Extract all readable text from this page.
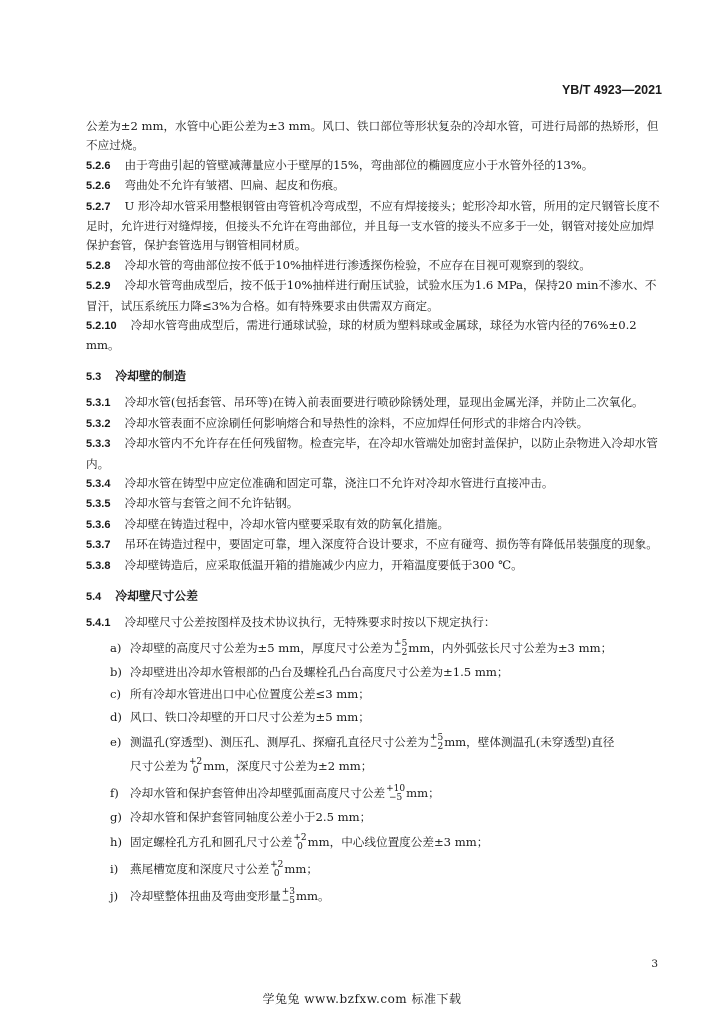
YB/T 4923—2021

公差为±2 mm，水管中心距公差为±3 mm。风口、铁口部位等形状复杂的冷却水管，可进行局部的热矫形，但不应过烧。

5.2.6 由于弯曲引起的管壁减薄量应小于壁厚的15%，弯曲部位的椭圆度应小于水管外径的13%。

5.2.6 弯曲处不允许有皱褶、凹扁、起皮和伤痕。

5.2.7 U 形冷却水管采用整根钢管由弯管机冷弯成型，不应有焊接接头；蛇形冷却水管，所用的定尺钢管长度不足时，允许进行对缝焊接，但接头不允许在弯曲部位，并且每一支水管的接头不应多于一处，钢管对接处应加焊保护套管，保护套管选用与钢管相同材质。

5.2.8 冷却水管的弯曲部位按不低于10%抽样进行渗透探伤检验，不应存在目视可观察到的裂纹。

5.2.9 冷却水管弯曲成型后，按不低于10%抽样进行耐压试验，试验水压为1.6 MPa，保持20 min不渗水、不冒汗，试压系统压力降≤3%为合格。如有特殊要求由供需双方商定。

5.2.10 冷却水管弯曲成型后，需进行通球试验，球的材质为塑料球或金属球，球径为水管内径的76%±0.2 mm。

5.3 冷却壁的制造

5.3.1 冷却水管(包括套管、吊环等)在铸入前表面要进行喷砂除锈处理，显现出金属光泽，并防止二次氧化。

5.3.2 冷却水管表面不应涂刷任何影响熔合和导热性的涂料，不应加焊任何形式的非熔合内冷铁。

5.3.3 冷却水管内不允许存在任何残留物。检查完毕，在冷却水管端处加密封盖保护，以防止杂物进入冷却水管内。

5.3.4 冷却水管在铸型中应定位准确和固定可靠，浇注口不允许对冷却水管进行直接冲击。

5.3.5 冷却水管与套管之间不允许钻钢。

5.3.6 冷却壁在铸造过程中，冷却水管内壁要采取有效的防氧化措施。

5.3.7 吊环在铸造过程中，要固定可靠，埋入深度符合设计要求，不应有碰弯、损伤等有降低吊装强度的现象。

5.3.8 冷却壁铸造后，应采取低温开箱的措施减少内应力，开箱温度要低于300 ℃。

5.4 冷却壁尺寸公差

5.4.1 冷却壁尺寸公差按图样及技术协议执行，无特殊要求时按以下规定执行：

a) 冷却壁的高度尺寸公差为±5 mm，厚度尺寸公差为 +5
−2 mm，内外弧弦长尺寸公差为±3 mm；
b) 冷却壁进出冷却水管根部的凸台及螺栓孔凸台高度尺寸公差为±1.5 mm；
c) 所有冷却水管进出口中心位置度公差≤3 mm；
d) 风口、铁口冷却壁的开口尺寸公差为±5 mm；
e) 测温孔(穿透型)、测压孔、测厚孔、探瘤孔直径尺寸公差为 +5
−2 mm，壁体测温孔(未穿透型)直径
尺寸公差为 +2
0 mm，深度尺寸公差为±2 mm；
f) 冷却水管和保护套管伸出冷却壁弧面高度尺寸公差 +10
−5 mm；
g) 冷却水管和保护套管同轴度公差小于2.5 mm；
h) 固定螺栓孔方孔和圆孔尺寸公差 +2
0 mm，中心线位置度公差±3 mm；
i) 燕尾槽宽度和深度尺寸公差 +2
0 mm；
j) 冷却壁整体扭曲及弯曲变形量 +3
−5 mm。
3
学兔兔 www.bzfxw.com 标准下载
